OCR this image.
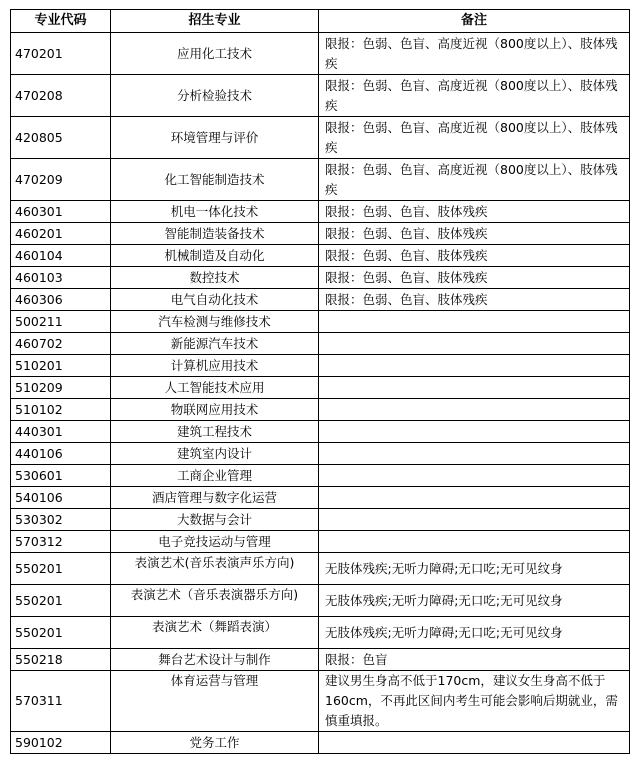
专业代码	招生专业	备注
470201	应用化工技术	限报：色弱、色盲、高度近视（800度以上）、肢体残疾
470208	分析检验技术	限报：色弱、色盲、高度近视（800度以上）、肢体残疾
420805	环境管理与评价	限报：色弱、色盲、高度近视（800度以上）、肢体残疾
470209	化工智能制造技术	限报：色弱、色盲、高度近视（800度以上）、肢体残疾
460301	机电一体化技术	限报：色弱、色盲、肢体残疾
460201	智能制造装备技术	限报：色弱、色盲、肢体残疾
460104	机械制造及自动化	限报：色弱、色盲、肢体残疾
460103	数控技术	限报：色弱、色盲、肢体残疾
460306	电气自动化技术	限报：色弱、色盲、肢体残疾
500211	汽车检测与维修技术	
460702	新能源汽车技术	
510201	计算机应用技术	
510209	人工智能技术应用	
510102	物联网应用技术	
440301	建筑工程技术	
440106	建筑室内设计	
530601	工商企业管理	
540106	酒店管理与数字化运营	
530302	大数据与会计	
570312	电子竞技运动与管理	
550201	表演艺术(音乐表演声乐方向)	无肢体残疾;无听力障碍;无口吃;无可见纹身
550201	表演艺术（音乐表演器乐方向)	无肢体残疾;无听力障碍;无口吃;无可见纹身
550201	表演艺术（舞蹈表演）	无肢体残疾;无听力障碍;无口吃;无可见纹身
550218	舞台艺术设计与制作	限报：色盲
570311	体育运营与管理	建议男生身高不低于170cm，建议女生身高不低于160cm，不再此区间内考生可能会影响后期就业，需慎重填报。
590102	党务工作	
